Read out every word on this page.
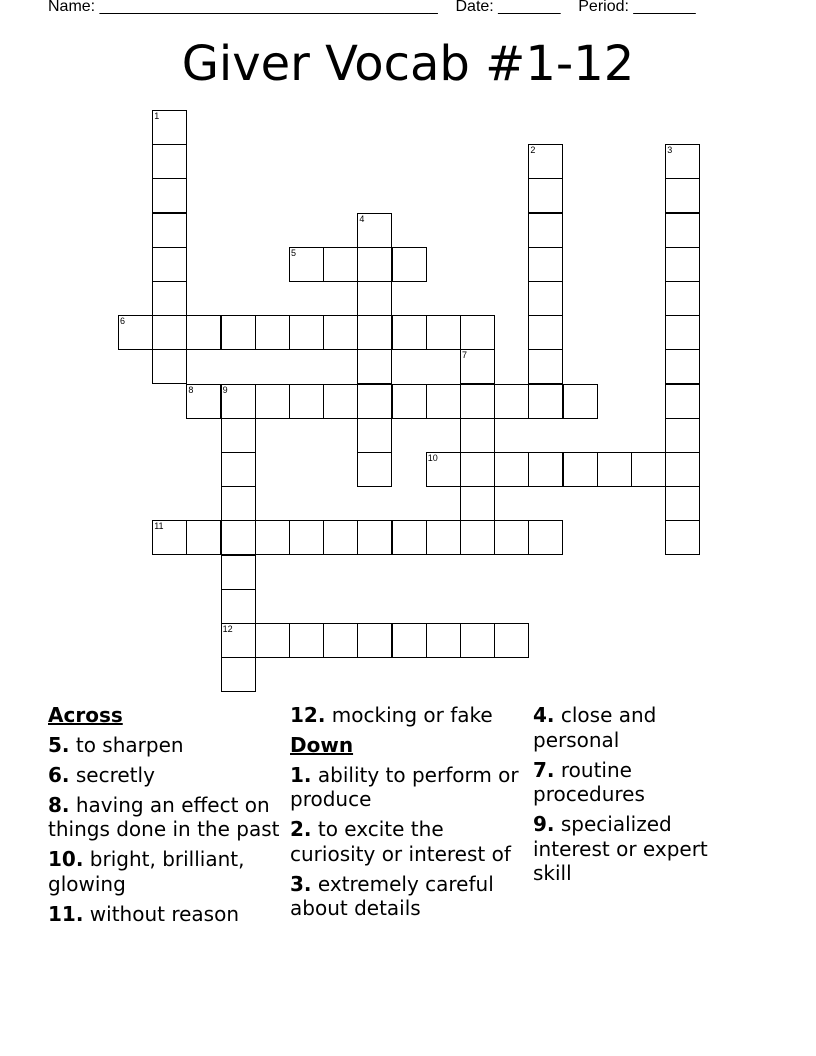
Name: ______________________________________    Date: _______    Period: _______
Giver Vocab #1-12
1
2	3
4
5
6
7
8	9
12
10
11
Across
5. to sharpen
6. secretly
8. having an effect on things done in the past
10. bright, brilliant, glowing
11. without reason
12. mocking or fake
Down
1. ability to perform or produce
2. to excite the curiosity or interest of
3. extremely careful about details
4. close and personal
7. routine procedures
9. specialized interest or expert skill
